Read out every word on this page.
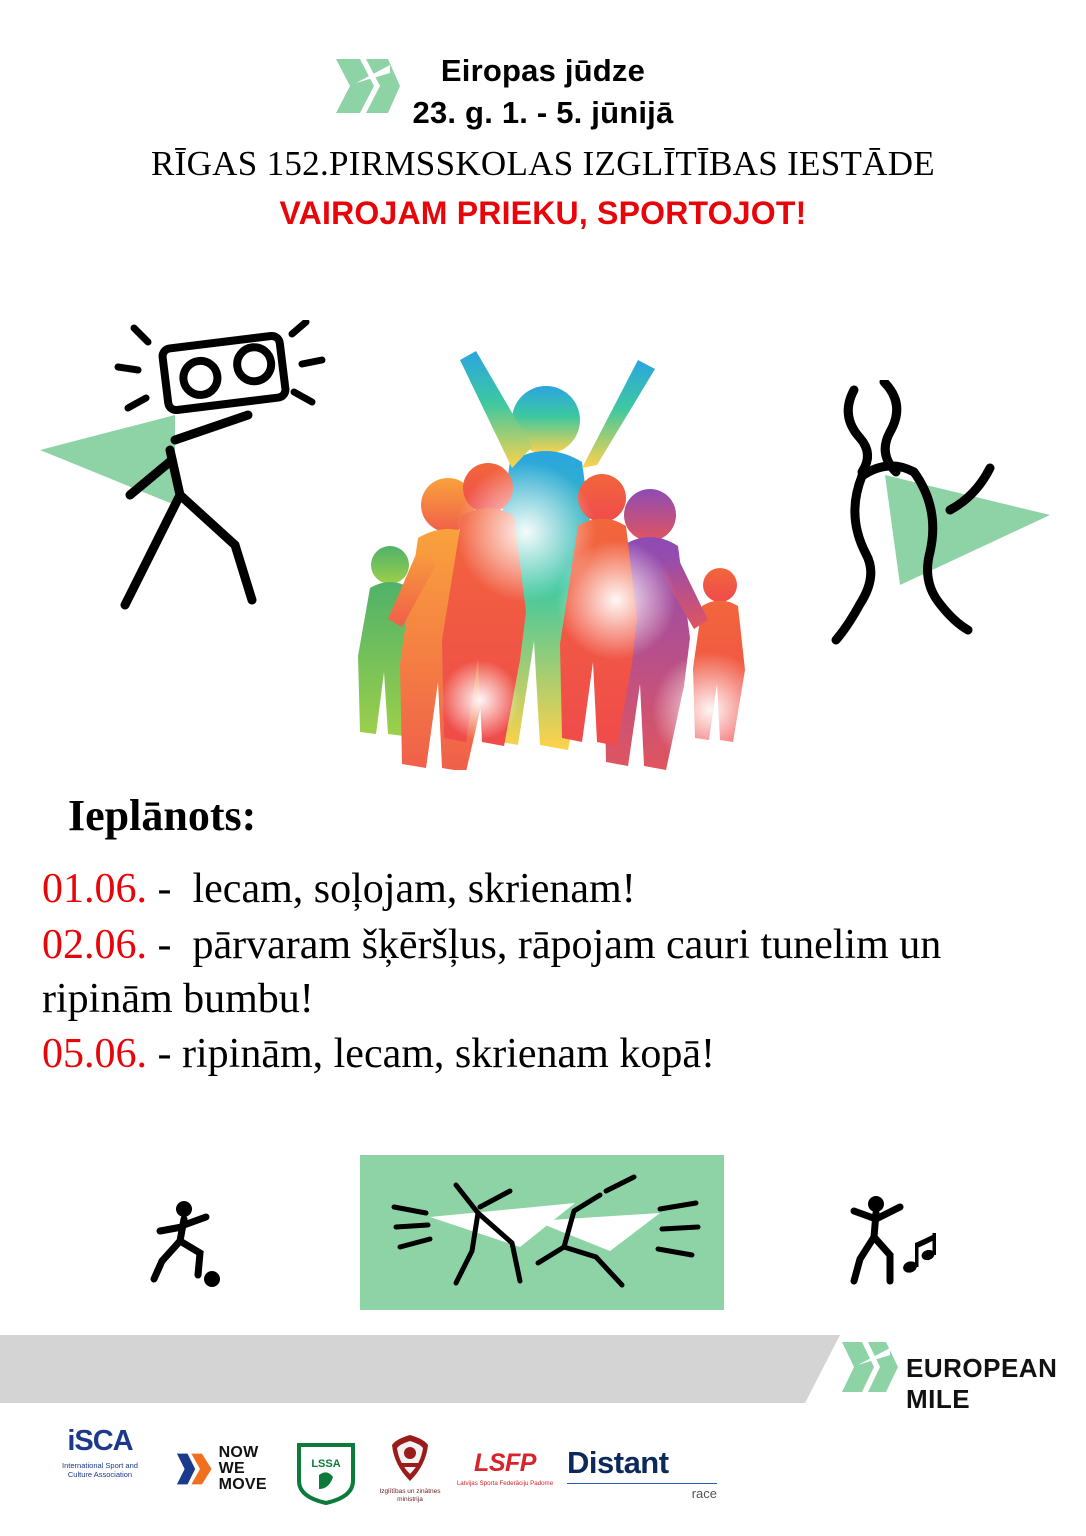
Eiropas jūdze
23. g. 1. - 5. jūnijā
RĪGAS 152.PIRMSSKOLAS IZGLĪTĪBAS IESTĀDE
VAIROJAM PRIEKU, SPORTOJOT!
Ieplānots:
01.06. - lecam, soļojam, skrienam!
02.06. - pārvaram šķēršļus, rāpojam cauri tunelim un ripinām bumbu!
05.06. - ripinām, lecam, skrienam kopā!
EUROPEAN MILE
iSCA
International Sport and
Culture Association
NOW
WE MOVE
LSSA
Izglītības un zinātnes
ministrija
LSFP
Latvijas Sporta Federāciju Padome
Distant
race
